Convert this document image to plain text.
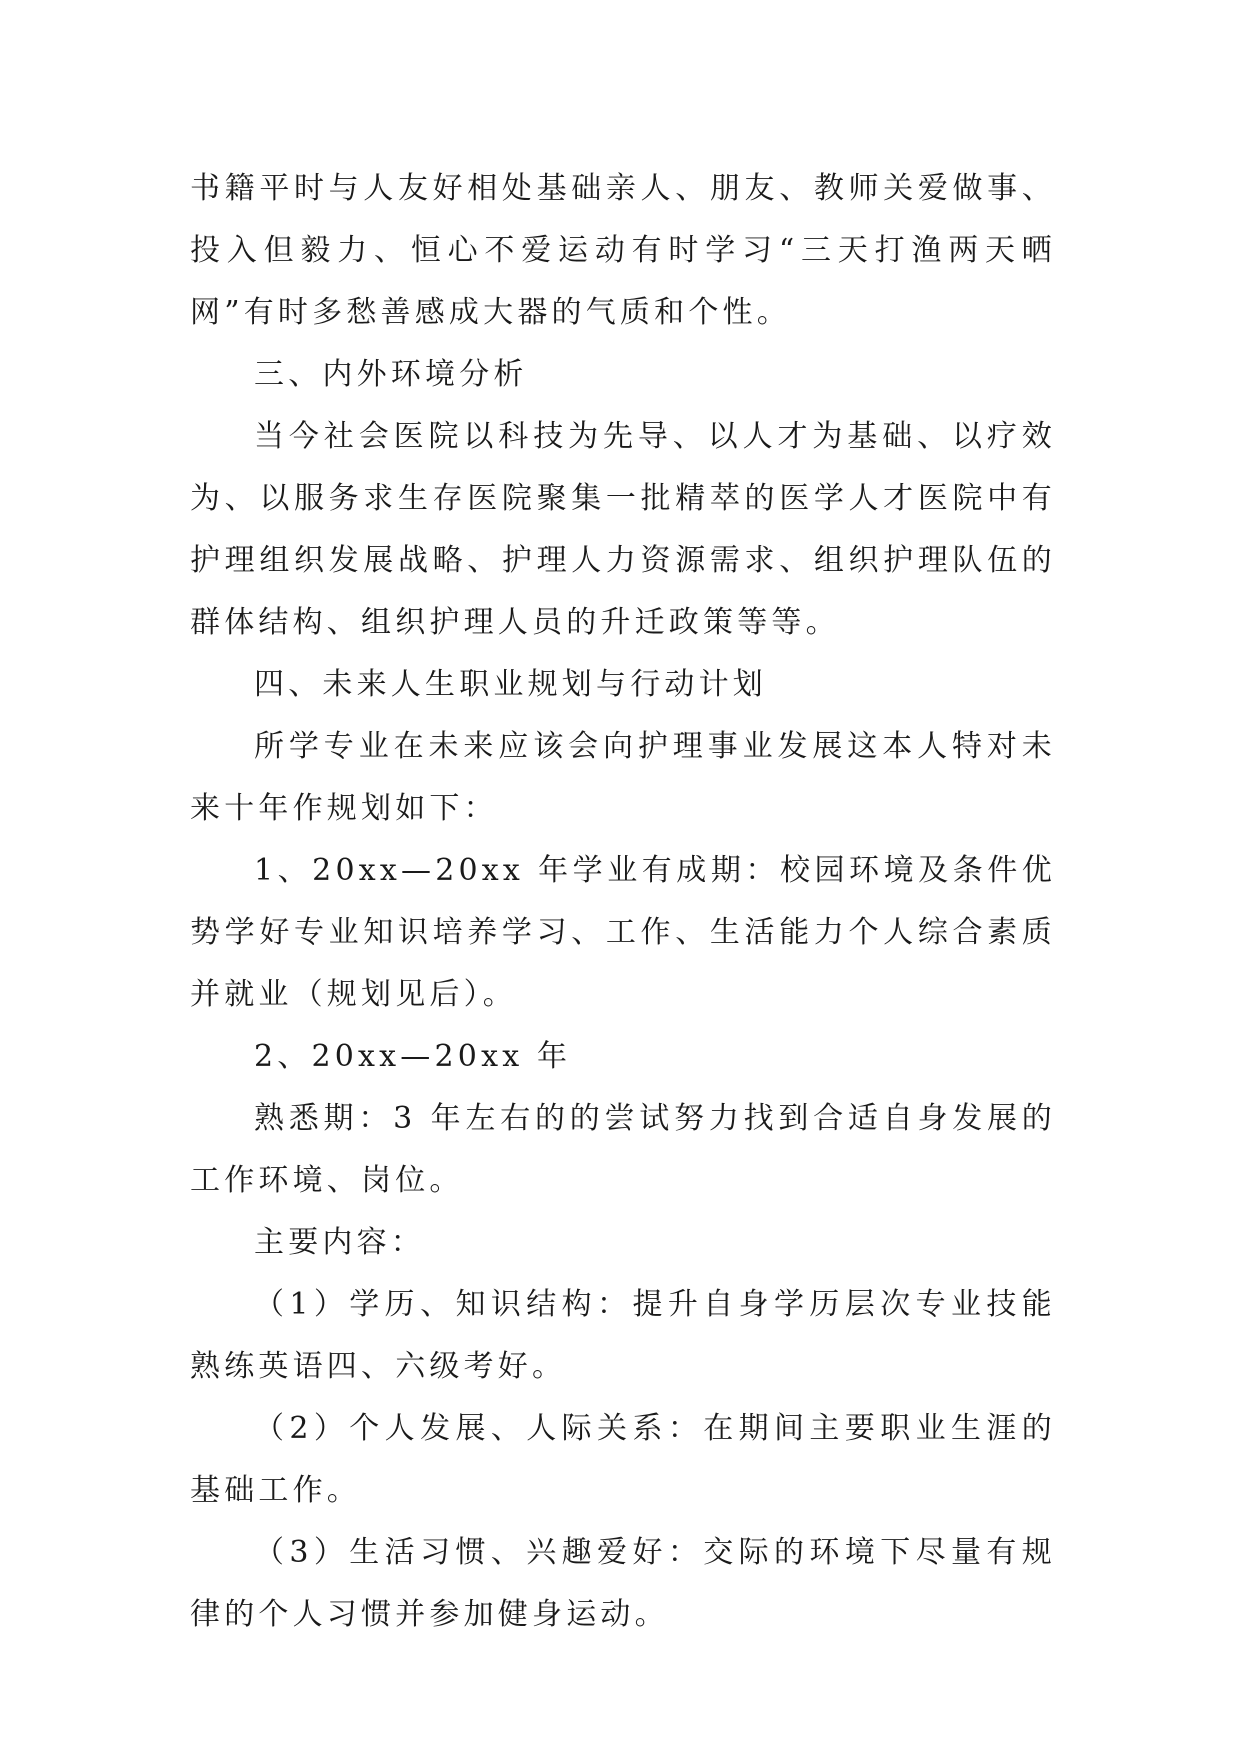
书籍平时与人友好相处基础亲人、朋友、教师关爱做事、投入但毅力、恒心不爱运动有时学习“三天打渔两天晒网”有时多愁善感成大器的气质和个性。

三、内外环境分析

当今社会医院以科技为先导、以人才为基础、以疗效为、以服务求生存医院聚集一批精萃的医学人才医院中有护理组织发展战略、护理人力资源需求、组织护理队伍的群体结构、组织护理人员的升迁政策等等。

四、未来人生职业规划与行动计划

所学专业在未来应该会向护理事业发展这本人特对未来十年作规划如下：

1、20xx—20xx 年学业有成期：校园环境及条件优势学好专业知识培养学习、工作、生活能力个人综合素质并就业（规划见后）。

2、20xx—20xx 年

熟悉期：3 年左右的的尝试努力找到合适自身发展的工作环境、岗位。

主要内容：

（1）学历、知识结构：提升自身学历层次专业技能熟练英语四、六级考好。

（2）个人发展、人际关系：在期间主要职业生涯的基础工作。

（3）生活习惯、兴趣爱好：交际的环境下尽量有规律的个人习惯并参加健身运动。
